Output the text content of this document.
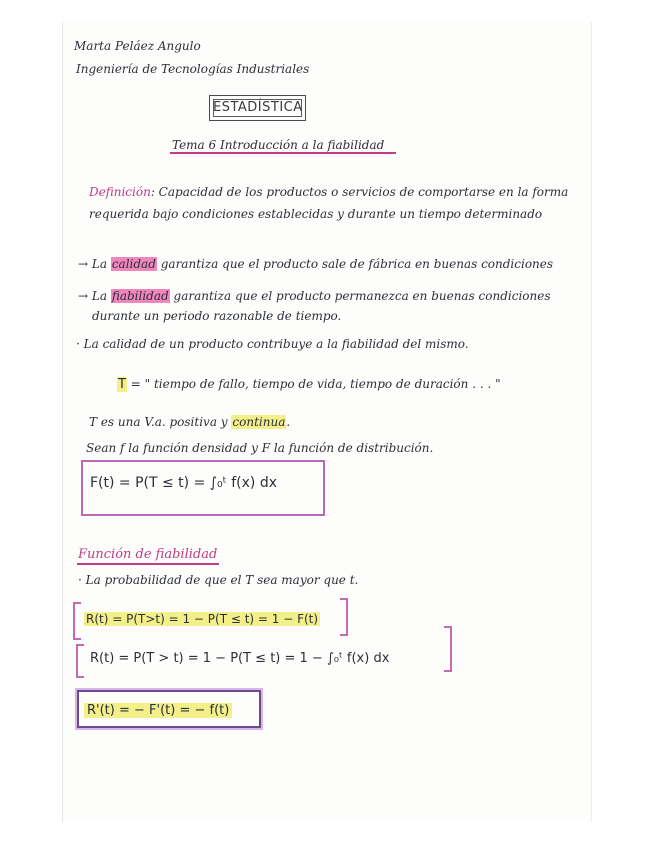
Marta Peláez Angulo
Ingeniería de Tecnologías Industriales
ESTADÍSTICA
Tema 6 Introducción a la fiabilidad
Definición: Capacidad de los productos o servicios de comportarse en la forma
requerida bajo condiciones establecidas y durante un tiempo determinado
→ La calidad garantiza que el producto sale de fábrica en buenas condiciones
→ La fiabilidad garantiza que el producto permanezca en buenas condiciones
durante un periodo razonable de tiempo.
· La calidad de un producto contribuye a la fiabilidad del mismo.
T = " tiempo de fallo, tiempo de vida, tiempo de duración . . . "
T es una V.a. positiva y continua.
Sean f la función densidad y F la función de distribución.
F(t) = P(T ≤ t) = ∫₀ᵗ f(x) dx
Función de fiabilidad
· La probabilidad de que el T sea mayor que t.
R(t) = P(T>t) = 1 − P(T ≤ t) = 1 − F(t)
R(t) = P(T > t) = 1 − P(T ≤ t) = 1 − ∫₀ᵗ f(x) dx
R'(t) = − F'(t) = − f(t)
